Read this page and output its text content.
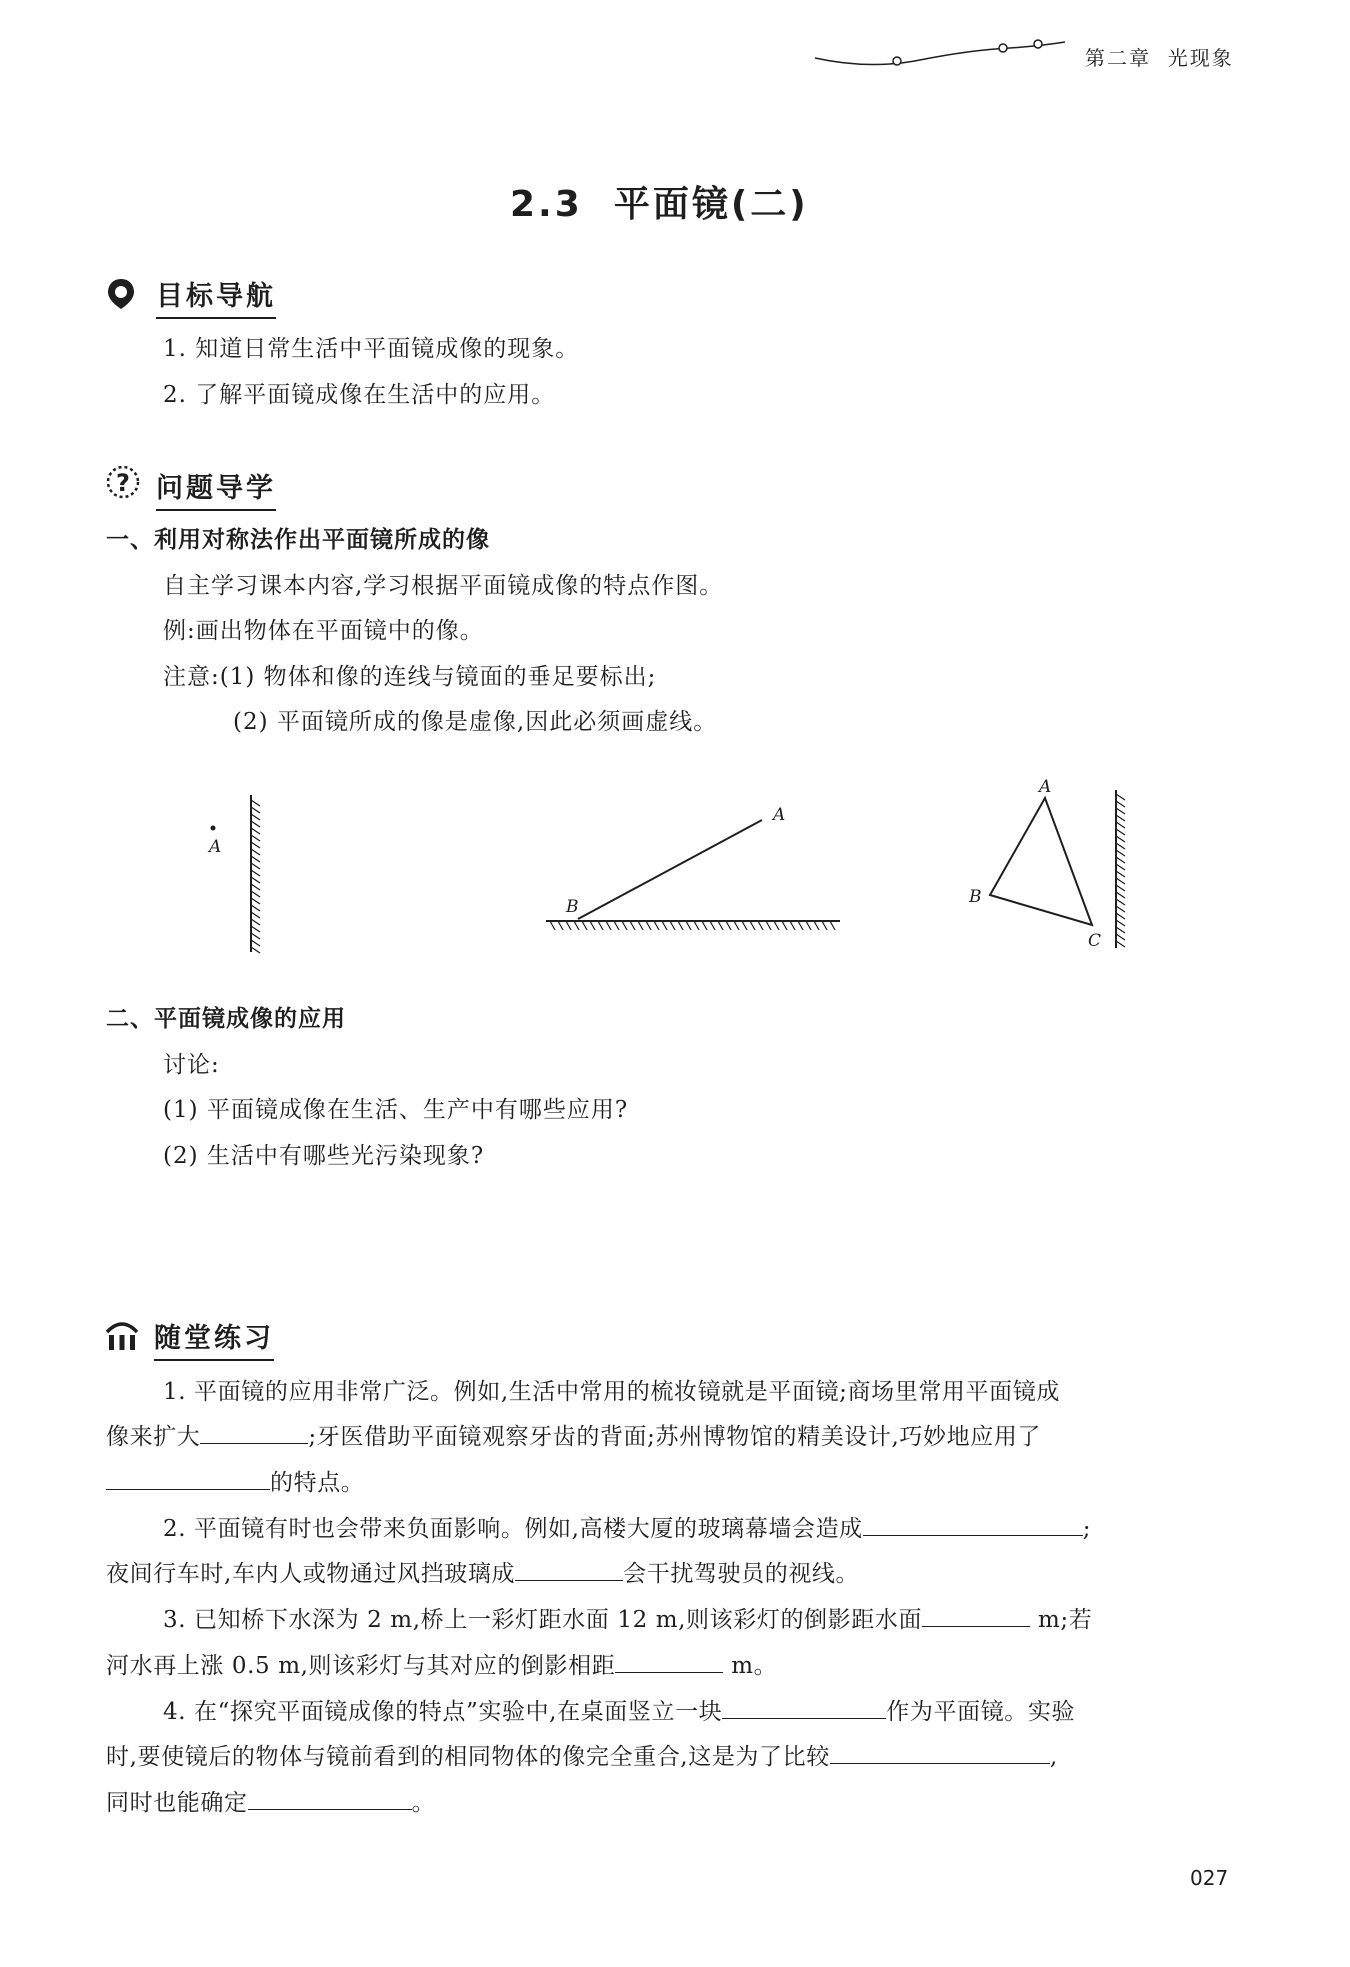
第二章  光现象
2.3  平面镜(二)
目标导航
1. 知道日常生活中平面镜成像的现象。
2. 了解平面镜成像在生活中的应用。
? 问题导学
一、利用对称法作出平面镜所成的像
自主学习课本内容,学习根据平面镜成像的特点作图。
例:画出物体在平面镜中的像。
注意:(1) 物体和像的连线与镜面的垂足要标出;
(2) 平面镜所成的像是虚像,因此必须画虚线。
A
A
B
A
B
C
二、平面镜成像的应用
讨论:
(1) 平面镜成像在生活、生产中有哪些应用?
(2) 生活中有哪些光污染现象?
随堂练习
1. 平面镜的应用非常广泛。例如,生活中常用的梳妆镜就是平面镜;商场里常用平面镜成
像来扩大	;牙医借助平面镜观察牙齿的背面;苏州博物馆的精美设计,巧妙地应用了
的特点。
2. 平面镜有时也会带来负面影响。例如,高楼大厦的玻璃幕墙会造成	;
夜间行车时,车内人或物通过风挡玻璃成	会干扰驾驶员的视线。
3. 已知桥下水深为 2 m,桥上一彩灯距水面 12 m,则该彩灯的倒影距水面	m;若
河水再上涨 0.5 m,则该彩灯与其对应的倒影相距	m。
4. 在“探究平面镜成像的特点”实验中,在桌面竖立一块	作为平面镜。实验
时,要使镜后的物体与镜前看到的相同物体的像完全重合,这是为了比较	,
同时也能确定	。
027
